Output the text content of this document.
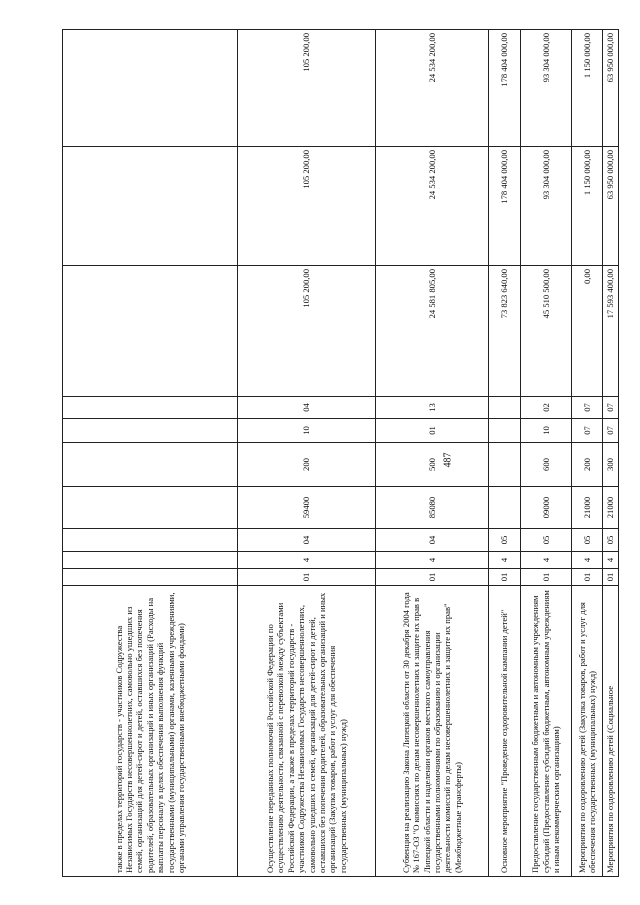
487
также в пределах территорий государств - участников Содружества Независимых Государств несовершеннолетних, самовольно ушедших из семей, организаций для детей-сирот и детей, оставшихся без попечения родителей, образовательных организаций и иных организаций (Расходы на выплаты персоналу в целях обеспечения выполнения функций государственными (муниципальными) органами, казенными учреждениями, органами управления государственными внебюджетными фондами)										
Осуществление переданных полномочий Российской Федерации по осуществлению деятельности, связанной с перевозкой между субъектами Российской Федерации, а также в пределах территорий государств - участников Содружества Независимых Государств несовершеннолетних, самовольно ушедших из семей, организаций для детей-сирот и детей, оставшихся без попечения родителей, образовательных организаций и иных организаций (Закупка товаров, работ и услуг для обеспечения государственных (муниципальных) нужд)	01	4	04	59400	200	10	04	105 200,00	105 200,00	105 200,00
Субвенция на реализацию Закона Липецкой области от 30 декабря 2004 года № 167-ОЗ "О комиссиях по делам несовершеннолетних и защите их прав в Липецкой области и наделении органов местного самоуправления государственными полномочиями по образованию и организации деятельности комиссий по делам несовершеннолетних и защите их прав" (Межбюджетные трансферты)	01	4	04	85080	500	01	13	24 581 805,00	24 534 200,00	24 534 200,00
Основное мероприятие "Проведение оздоровительной кампании детей"	01	4	05					73 823 640,00	178 404 000,00	178 404 000,00
Предоставление государственным бюджетным и автономным учреждениям субсидий (Предоставление субсидий бюджетным, автономным учреждениям и иным некоммерческим организациям)	01	4	05	09000	600	10	02	45 510 500,00	93 304 000,00	93 304 000,00
Мероприятия по оздоровлению детей (Закупка товаров, работ и услуг для обеспечения государственных (муниципальных) нужд)	01	4	05	21000	200	07	07	0,00	1 150 000,00	1 150 000,00
Мероприятия по оздоровлению детей (Социальное	01	4	05	21000	300	07	07	17 593 400,00	63 950 000,00	63 950 000,00
